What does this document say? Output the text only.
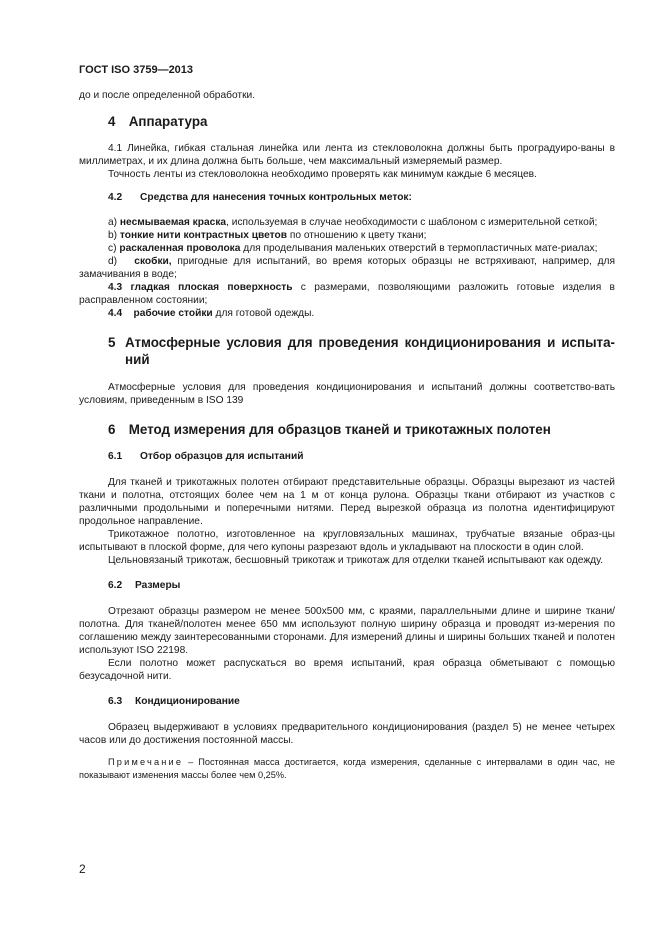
ГОСТ ISO 3759—2013

до и после определенной обработки.

4 Аппаратура

4.1 Линейка, гибкая стальная линейка или лента из стекловолокна должны быть проградуиро-ваны в миллиметрах, и их длина должна быть больше, чем максимальный измеряемый размер.

Точность ленты из стекловолокна необходимо проверять как минимум каждые 6 месяцев.

4.2 Средства для нанесения точных контрольных меток:

а) несмываемая краска, используемая в случае необходимости с шаблоном с измерительной сеткой;

b) тонкие нити контрастных цветов по отношению к цвету ткани;

с) раскаленная проволока для проделывания маленьких отверстий в термопластичных мате-риалах;

d) скобки, пригодные для испытаний, во время которых образцы не встряхивают, например, для замачивания в воде;

4.3 гладкая плоская поверхность с размерами, позволяющими разложить готовые изделия в расправленном состоянии;

4.4 рабочие стойки для готовой одежды.

5 Атмосферные условия для проведения кондиционирования и испыта-ний

Атмосферные условия для проведения кондиционирования и испытаний должны соответство-вать условиям, приведенным в ISO 139

6 Метод измерения для образцов тканей и трикотажных полотен

6.1 Отбор образцов для испытаний

Для тканей и трикотажных полотен отбирают представительные образцы. Образцы вырезают из частей ткани и полотна, отстоящих более чем на 1 м от конца рулона. Образцы ткани отбирают из участков с различными продольными и поперечными нитями. Перед вырезкой образца из полотна идентифицируют продольное направление.

Трикотажное полотно, изготовленное на кругловязальных машинах, трубчатые вязаные образ-цы испытывают в плоской форме, для чего купоны разрезают вдоль и укладывают на плоскости в один слой.

Цельновязаный трикотаж, бесшовный трикотаж и трикотаж для отделки тканей испытывают как одежду.

6.2 Размеры

Отрезают образцы размером не менее 500х500 мм, с краями, параллельными длине и ширине ткани/полотна. Для тканей/полотен менее 650 мм используют полную ширину образца и проводят из-мерения по соглашению между заинтересованными сторонами. Для измерений длины и ширины больших тканей и полотен используют ISO 22198.

Если полотно может распускаться во время испытаний, края образца обметывают с помощью безусадочной нити.

6.3 Кондиционирование

Образец выдерживают в условиях предварительного кондиционирования (раздел 5) не менее четырех часов или до достижения постоянной массы.

Примечание – Постоянная масса достигается, когда измерения, сделанные с интервалами в один час, не показывают изменения массы более чем 0,25%.

2
